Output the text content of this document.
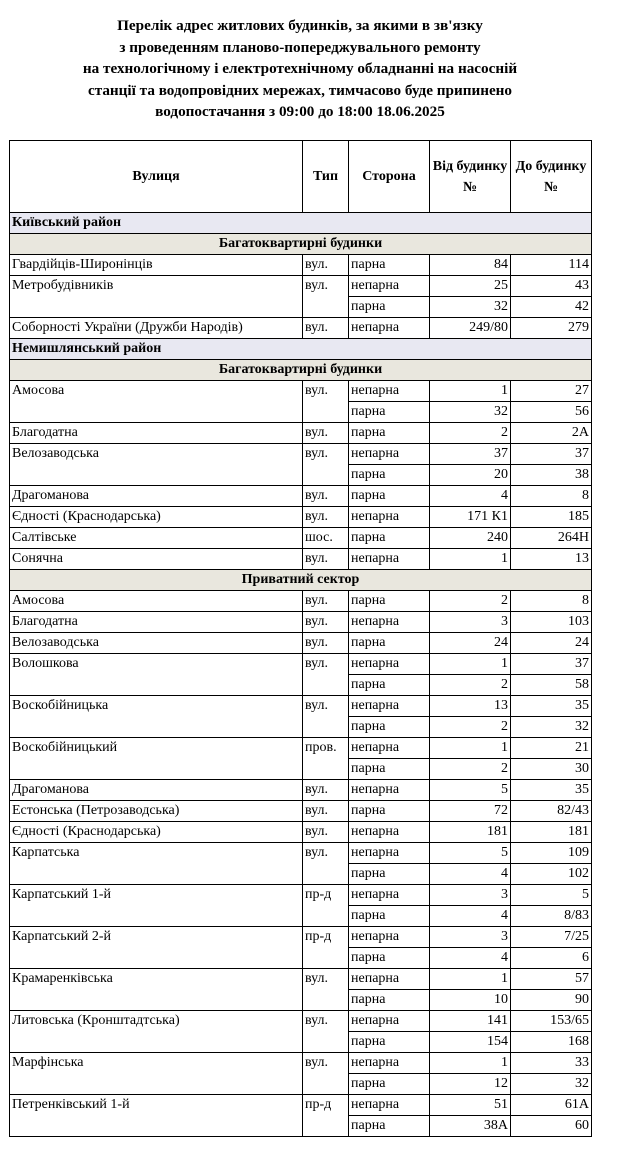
Перелік адрес житлових будинків, за якими в зв'язку
з проведенням планово-попереджувального ремонту
на технологічному і електротехнічному обладнанні на насосній
станції та водопровідних мережах, тимчасово буде припинено
водопостачання з 09:00 до 18:00 18.06.2025
Вулиця	Тип	Сторона	Від будинку №	До будинку №
Київський район				
Багатоквартирні будинки				
Гвардійців-Широнінців	вул.	парна	84	114
Метробудівників	вул.	непарна	25	43
		парна	32	42
Соборності України (Дружби Народів)	вул.	непарна	249/80	279
Немишлянський район				
Багатоквартирні будинки				
Амосова	вул.	непарна	1	27
		парна	32	56
Благодатна	вул.	парна	2	2А
Велозаводська	вул.	непарна	37	37
		парна	20	38
Драгоманова	вул.	парна	4	8
Єдності (Краснодарська)	вул.	непарна	171 К1	185
Салтівське	шос.	парна	240	264Н
Сонячна	вул.	непарна	1	13
Приватний сектор				
Амосова	вул.	парна	2	8
Благодатна	вул.	непарна	3	103
Велозаводська	вул.	парна	24	24
Волошкова	вул.	непарна	1	37
		парна	2	58
Воскобійницька	вул.	непарна	13	35
		парна	2	32
Воскобійницький	пров.	непарна	1	21
		парна	2	30
Драгоманова	вул.	непарна	5	35
Естонська (Петрозаводська)	вул.	парна	72	82/43
Єдності (Краснодарська)	вул.	непарна	181	181
Карпатська	вул.	непарна	5	109
		парна	4	102
Карпатський 1-й	пр-д	непарна	3	5
		парна	4	8/83
Карпатський 2-й	пр-д	непарна	3	7/25
		парна	4	6
Крамаренківська	вул.	непарна	1	57
		парна	10	90
Литовська (Кронштадтська)	вул.	непарна	141	153/65
		парна	154	168
Марфінська	вул.	непарна	1	33
		парна	12	32
Петренківський 1-й	пр-д	непарна	51	61А
		парна	38А	60
